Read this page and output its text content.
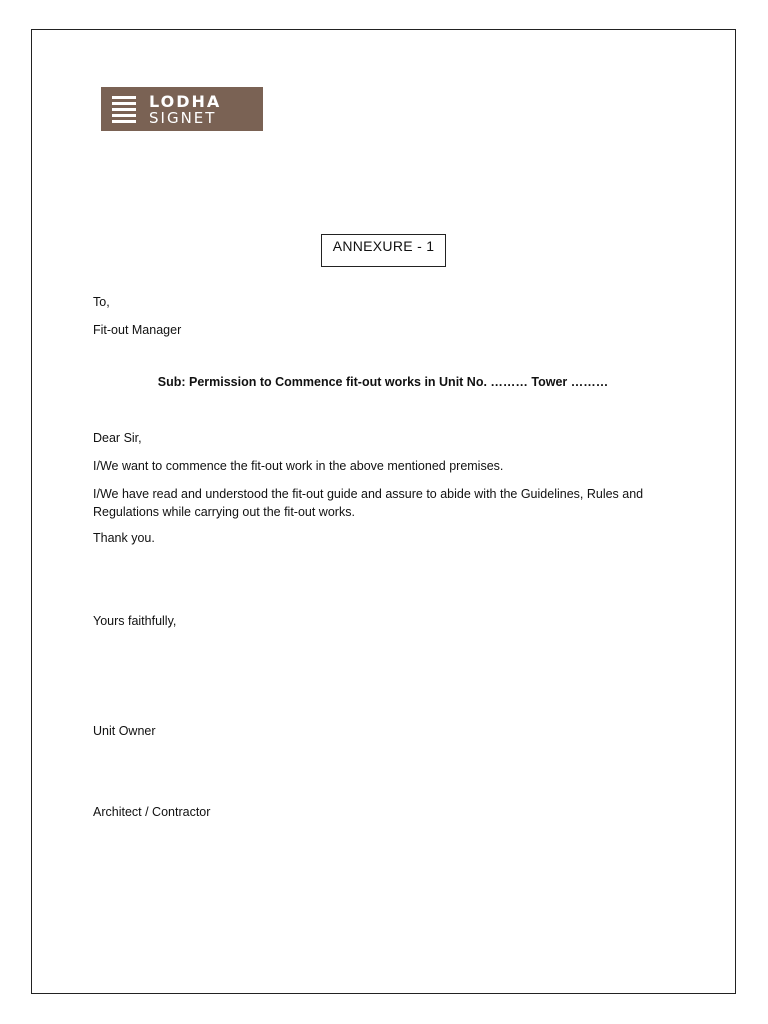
LODHA
SIGNET
ANNEXURE - 1
To,
Fit-out Manager
Sub: Permission to Commence fit-out works in Unit No. ……… Tower ………
Dear Sir,
I/We want to commence the fit-out work in the above mentioned premises.
I/We have read and understood the fit-out guide and assure to abide with the Guidelines, Rules and Regulations while carrying out the fit-out works.
Thank you.
Yours faithfully,
Unit Owner
Architect / Contractor
